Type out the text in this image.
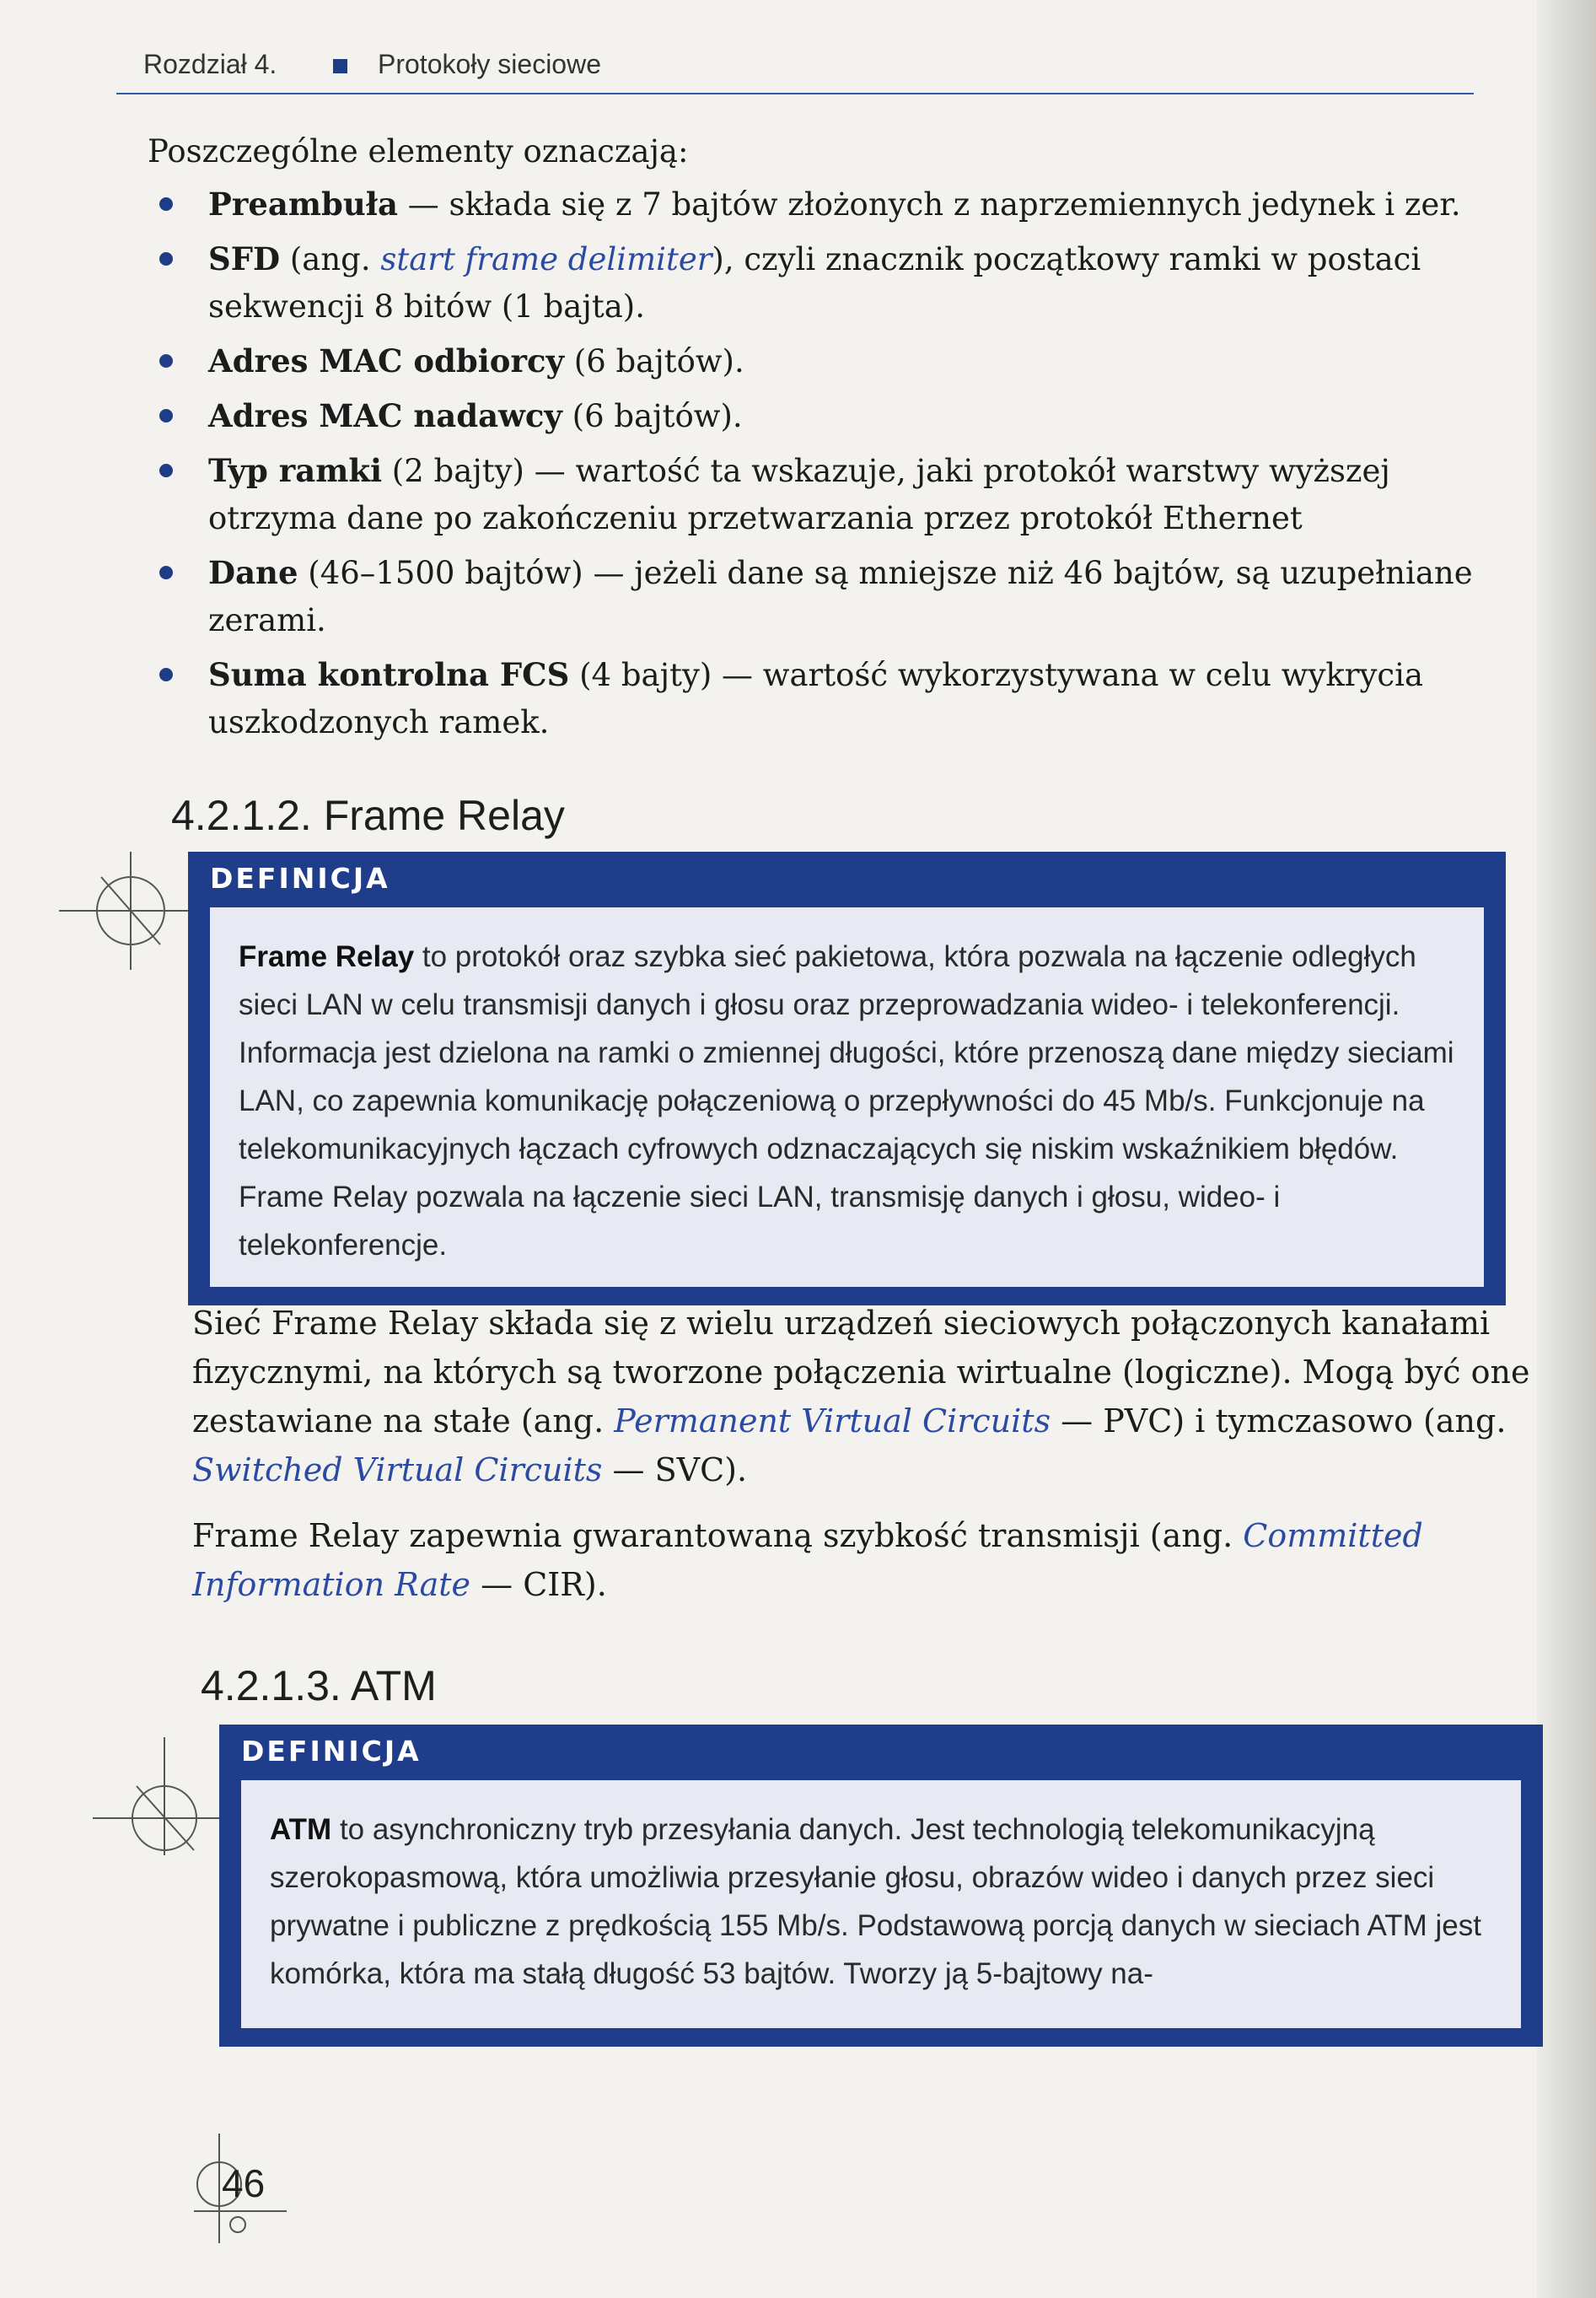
Rozdział 4.	Protokoły sieciowe
Poszczególne elementy oznaczają:
Preambuła — składa się z 7 bajtów złożonych z naprzemiennych jedynek i zer.
SFD (ang. start frame delimiter), czyli znacznik początkowy ramki w postaci sekwencji 8 bitów (1 bajta).
Adres MAC odbiorcy (6 bajtów).
Adres MAC nadawcy (6 bajtów).
Typ ramki (2 bajty) — wartość ta wskazuje, jaki protokół warstwy wyższej otrzyma dane po zakończeniu przetwarzania przez protokół Ethernet
Dane (46–1500 bajtów) — jeżeli dane są mniejsze niż 46 bajtów, są uzupełniane zerami.
Suma kontrolna FCS (4 bajty) — wartość wykorzystywana w celu wykrycia uszkodzonych ramek.
4.2.1.2. Frame Relay
DEFINICJA
Frame Relay to protokół oraz szybka sieć pakietowa, która pozwala na łączenie odległych sieci LAN w celu transmisji danych i głosu oraz przeprowadzania wideo- i telekonferencji. Informacja jest dzielona na ramki o zmiennej długości, które przenoszą dane między sieciami LAN, co zapewnia komunikację połączeniową o przepływności do 45 Mb/s. Funkcjonuje na telekomunikacyjnych łączach cyfrowych odznaczających się niskim wskaźnikiem błędów. Frame Relay pozwala na łączenie sieci LAN, transmisję danych i głosu, wideo- i telekonferencje.
Sieć Frame Relay składa się z wielu urządzeń sieciowych połączonych kanałami fizycznymi, na których są tworzone połączenia wirtualne (logiczne). Mogą być one zestawiane na stałe (ang. Permanent Virtual Circuits — PVC) i tymczasowo (ang. Switched Virtual Circuits — SVC).
Frame Relay zapewnia gwarantowaną szybkość transmisji (ang. Committed Information Rate — CIR).
4.2.1.3. ATM
DEFINICJA
ATM to asynchroniczny tryb przesyłania danych. Jest technologią telekomunikacyjną szerokopasmową, która umożliwia przesyłanie głosu, obrazów wideo i danych przez sieci prywatne i publiczne z prędkością 155 Mb/s. Podstawową porcją danych w sieciach ATM jest komórka, która ma stałą długość 53 bajtów. Tworzy ją 5-bajtowy na-
46
